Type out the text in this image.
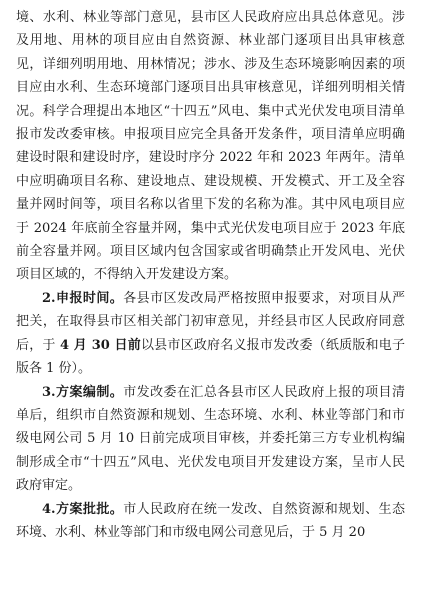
境、水利、林业等部门意见，县市区人民政府应出具总体意见。涉及用地、用林的项目应由自然资源、林业部门逐项目出具审核意见，详细列明用地、用林情况；涉水、涉及生态环境影响因素的项目应由水利、生态环境部门逐项目出具审核意见，详细列明相关情况。科学合理提出本地区“十四五”风电、集中式光伏发电项目清单报市发改委审核。申报项目应完全具备开发条件，项目清单应明确建设时限和建设时序，建设时序分 2022 年和 2023 年两年。清单中应明确项目名称、建设地点、建设规模、开发模式、开工及全容量并网时间等，项目名称以省里下发的名称为准。其中风电项目应于 2024 年底前全容量并网，集中式光伏发电项目应于 2023 年底前全容量并网。项目区域内包含国家或省明确禁止开发风电、光伏项目区域的，不得纳入开发建设方案。

2.申报时间。各县市区发改局严格按照申报要求，对项目从严把关，在取得县市区相关部门初审意见，并经县市区人民政府同意后，于 4 月 30 日前以县市区政府名义报市发改委（纸质版和电子版各 1 份）。

3.方案编制。市发改委在汇总各县市区人民政府上报的项目清单后，组织市自然资源和规划、生态环境、水利、林业等部门和市级电网公司 5 月 10 日前完成项目审核，并委托第三方专业机构编制形成全市“十四五”风电、光伏发电项目开发建设方案，呈市人民政府审定。

4.方案批批。市人民政府在统一发改、自然资源和规划、生态环境、水利、林业等部门和市级电网公司意见后，于 5 月 20
